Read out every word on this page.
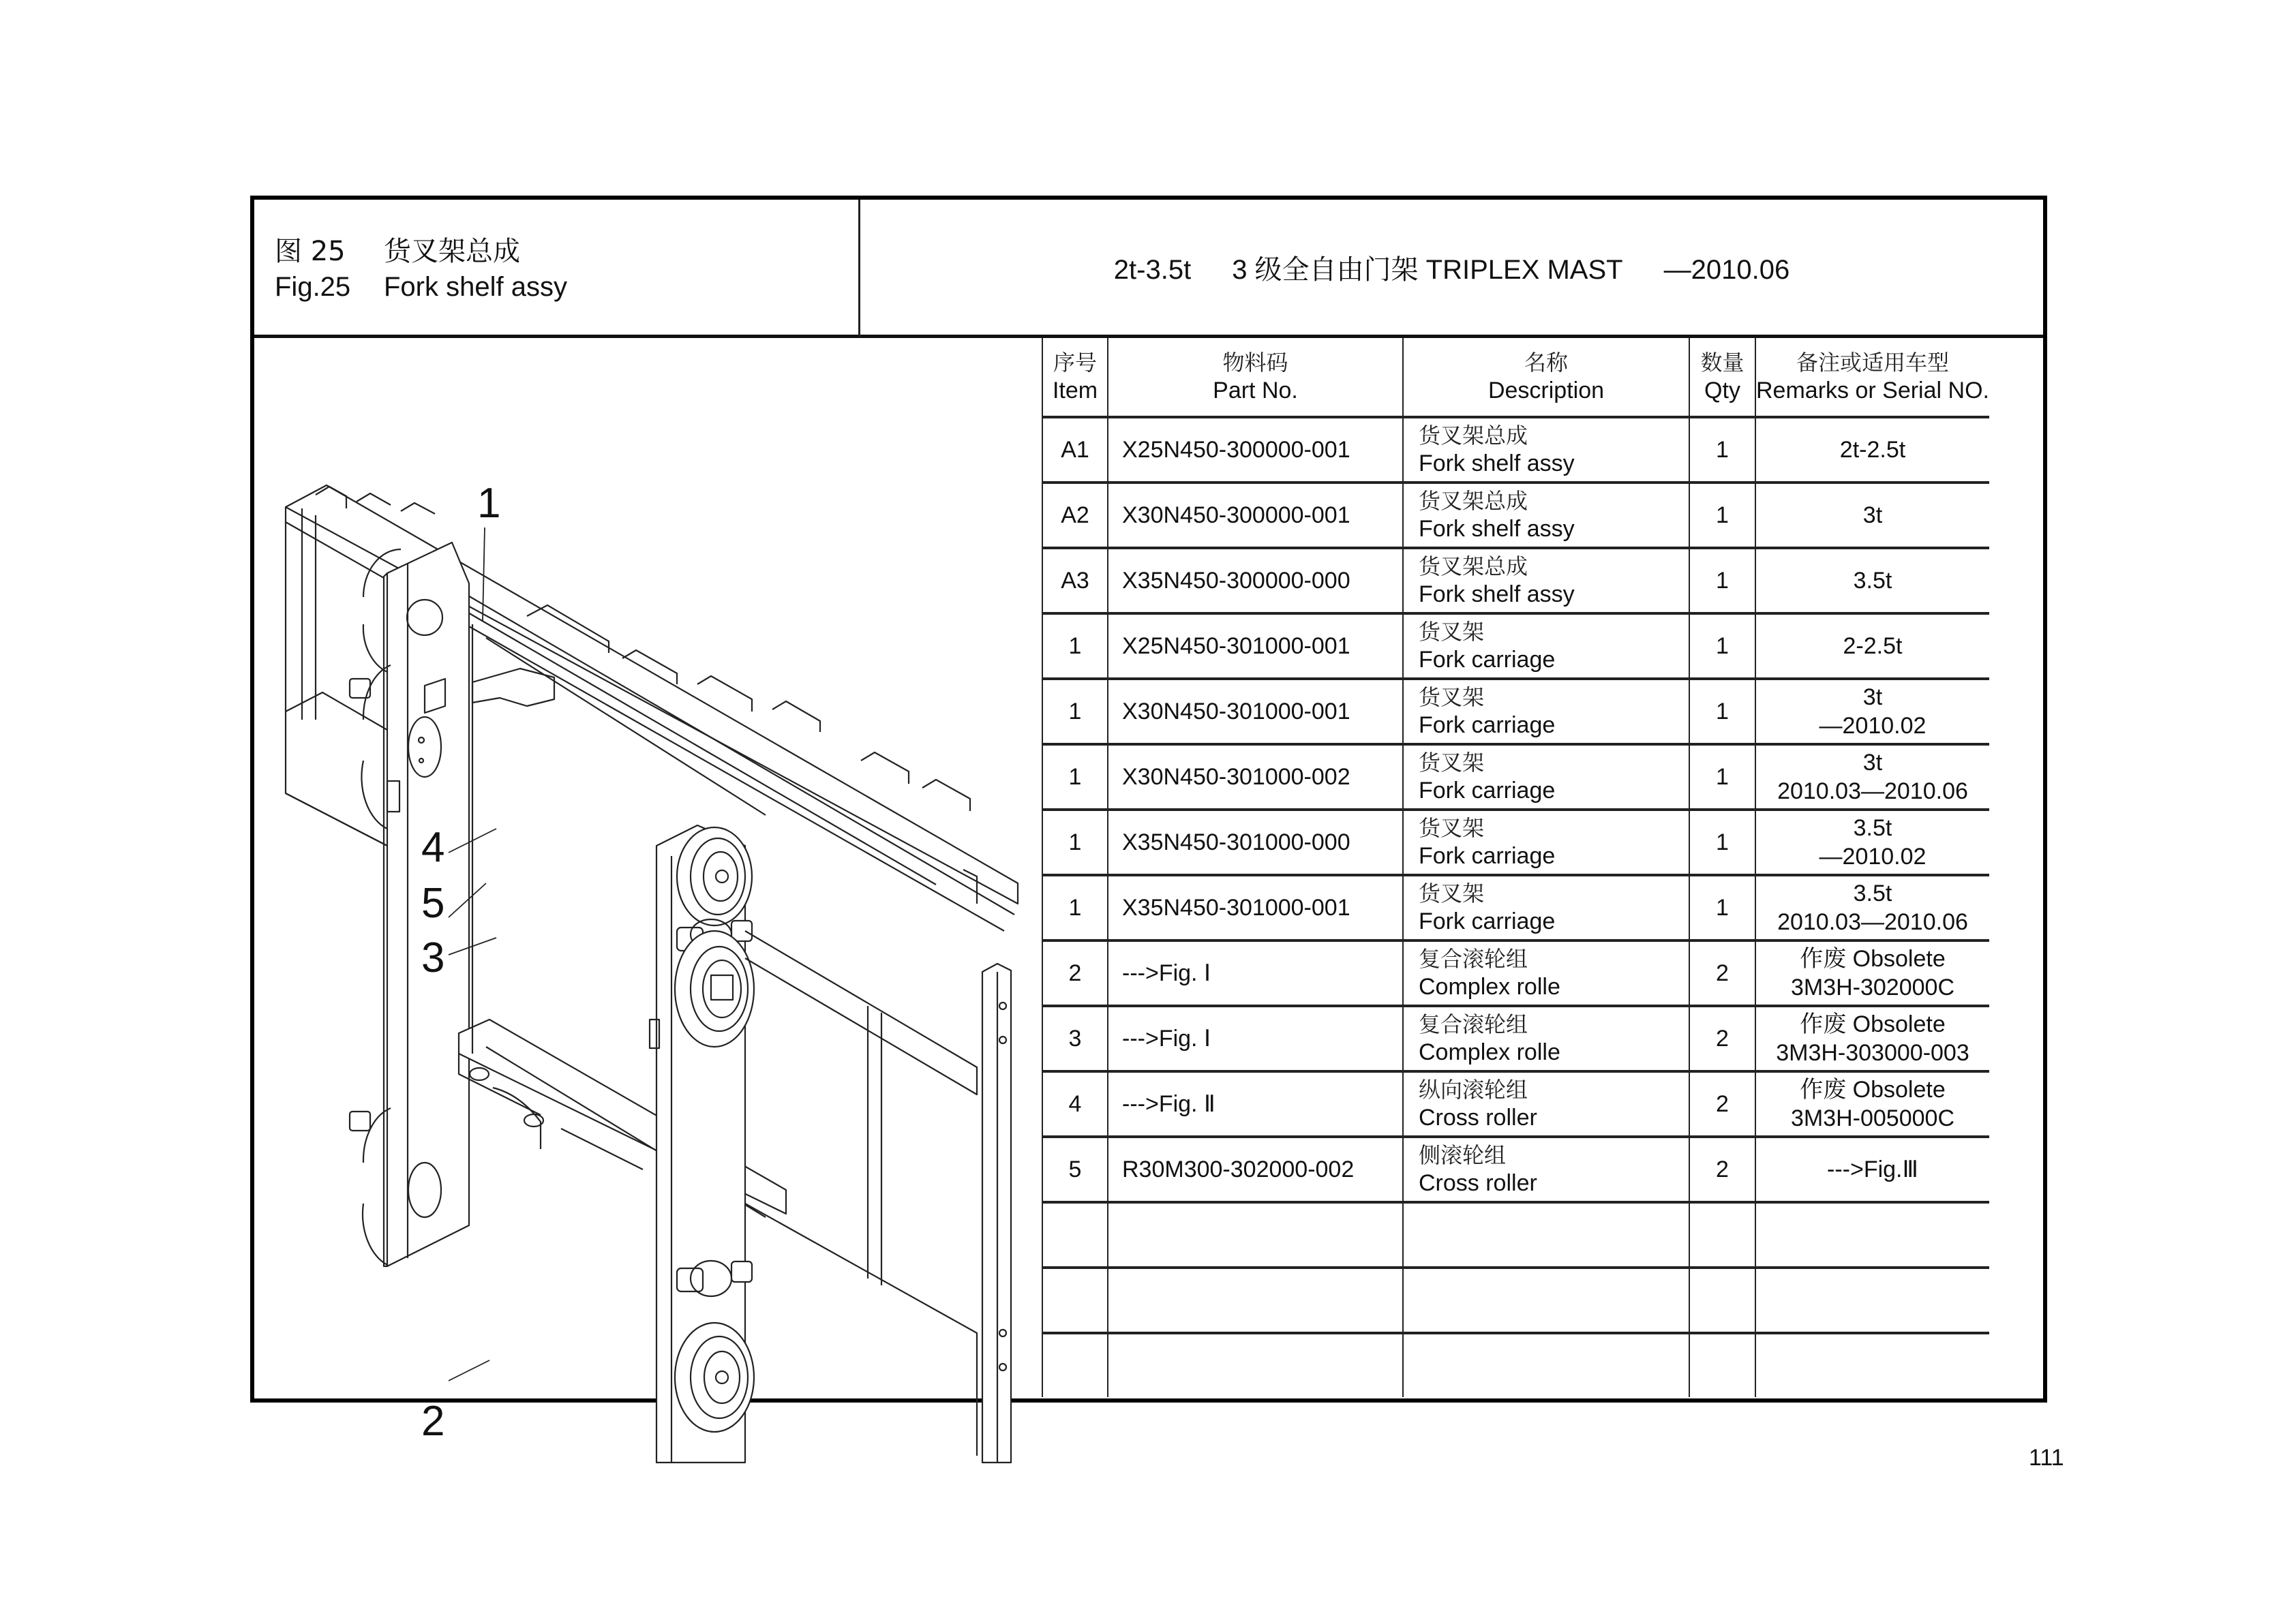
图 25 货叉架总成
Fig.25 Fork shelf assy
2t-3.5t 3 级全自由门架 TRIPLEX MAST —2010.06
1
2
3
4
5
序号
Item	物料码
Part No.	名称
Description	数量
Qty	备注或适用车型
Remarks or Serial NO.

A1	X25N450-300000-001	货叉架总成
Fork shelf assy	1	2t-2.5t

A2	X30N450-300000-001	货叉架总成
Fork shelf assy	1	3t

A3	X35N450-300000-000	货叉架总成
Fork shelf assy	1	3.5t

1	X25N450-301000-001	货叉架
Fork carriage	1	2-2.5t

1	X30N450-301000-001	货叉架
Fork carriage	1	3t
—2010.02

1	X30N450-301000-002	货叉架
Fork carriage	1	3t
2010.03—2010.06

1	X35N450-301000-000	货叉架
Fork carriage	1	3.5t
—2010.02

1	X35N450-301000-001	货叉架
Fork carriage	1	3.5t
2010.03—2010.06

2	--->Fig. Ⅰ	复合滚轮组
Complex rolle	2	作废 Obsolete
3M3H-302000C

3	--->Fig. Ⅰ	复合滚轮组
Complex rolle	2	作废 Obsolete
3M3H-303000-003

4	--->Fig. Ⅱ	纵向滚轮组
Cross roller	2	作废 Obsolete
3M3H-005000C

5	R30M300-302000-002	侧滚轮组
Cross roller	2	--->Fig.Ⅲ

111
